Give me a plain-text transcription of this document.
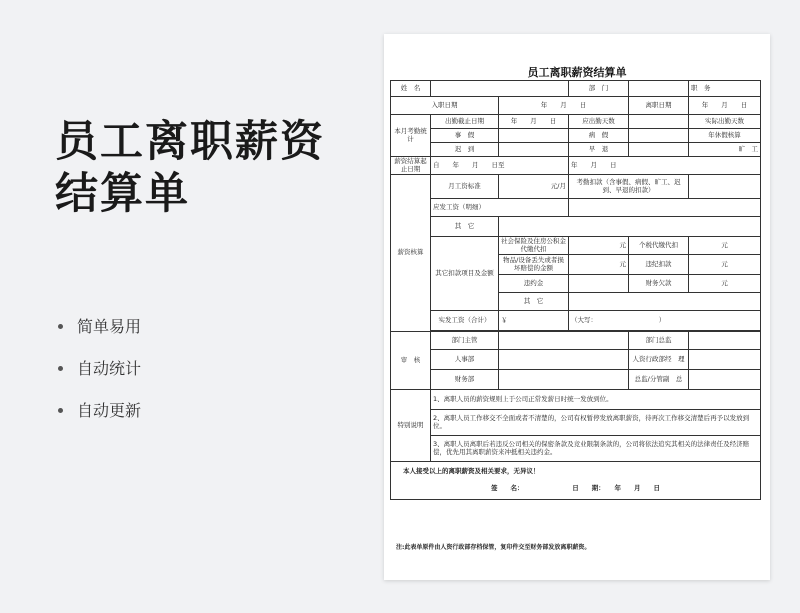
员工离职薪资结算单
简单易用
自动统计
自动更新
员工离职薪资结算单
姓　名			部　门		职　务
入职日期		年　　月　　日		离职日期	年　　月　　日
本月考勤统计	出勤截止日期	年　　月　　日	应出勤天数		实际出勤天数
	事　假		病　假		年休假核算
	迟　到		早　退		旷　工
薪资结算起止日期	自　　年　　月　　日至		年　　月　　日		
薪资核算	月工资标准	元/月	考勤扣款（含事假、病假、旷工、迟到、早退的扣款）		
	应发工资（明细）				
	其　它				
	其它扣款项目及金额	社会保险及住房公积金代缴代扣	元	个税代缴代扣	元
		物品/设备丢失或者损坏赔偿的金额	元	违纪扣款	元
		违约金		财务欠款	元
		其　它			
	实发工资（合计）	￥	（大写：　　　　　　　　　　）		

审　核	部门主管			部门总监	
	人事部			人资行政部经　理	
	财务部			总监/分管副　总	
特别说明	1、离职人员的薪资规则上于公司正常发薪日时统一发放到位。				
	2、离职人员工作移交不全面或者不清楚的，公司有权暂停发放离职薪资，待再次工作移交清楚后再予以发放到位。				
	3、离职人员离职后若违反公司相关的保密条款及竞业限制条款的，公司将依法追究其相关的法律责任及经济赔偿，优先用其离职薪资来冲抵相关违约金。				

本人接受以上的离职薪资及相关要求，无异议！
签　　名：　　　　　　　　日　　期：　　年　　月　　日					
注:此表单原件由人资行政部存档保管，复印件交至财务部发放离职薪资。
